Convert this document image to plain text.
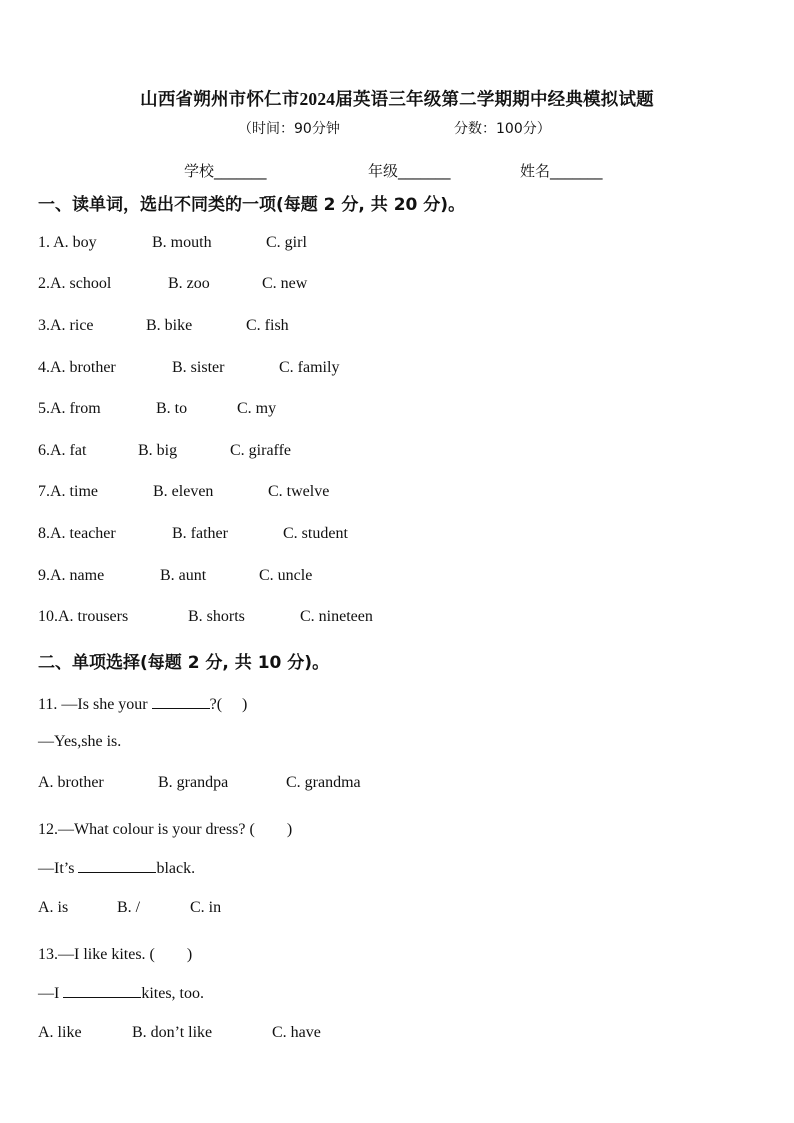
山西省朔州市怀仁市2024届英语三年级第二学期期中经典模拟试题
（时间：90分钟	分数：100分）
学校_______	年级_______	姓名_______
一、读单词，选出不同类的一项(每题 2 分, 共 20 分)。
1. A. boy	B. mouth	C. girl
2.A. school	B. zoo	C. new
3.A. rice	B. bike	C. fish
4.A. brother	B. sister	C. family
5.A. from	B. to	C. my
6.A. fat	B. big	C. giraffe
7.A. time	B. eleven	C. twelve
8.A. teacher	B. father	C. student
9.A. name	B. aunt	C. uncle
10.A. trousers	B. shorts	C. nineteen
二、单项选择(每题 2 分, 共 10 分)。
11. —Is she your	?(　 )
—Yes,she is.
A. brother	B. grandpa	C. grandma
12.—What colour is your dress? (　　)
—It’s	black.
A. is	B. /	C. in
13.—I like kites. (　　)
—I	kites, too.
A. like	B. don’t like	C. have
